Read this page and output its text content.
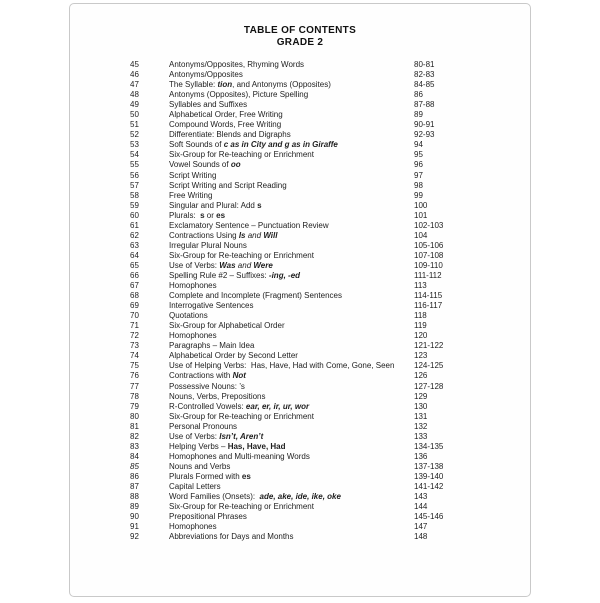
TABLE OF CONTENTS
GRADE 2
45	Antonyms/Opposites, Rhyming Words	80-81
46	Antonyms/Opposites	82-83
47	The Syllable: tion, and Antonyms (Opposites)	84-85
48	Antonyms (Opposites), Picture Spelling	86
49	Syllables and Suffixes	87-88
50	Alphabetical Order, Free Writing	89
51	Compound Words, Free Writing	90-91
52	Differentiate: Blends and Digraphs	92-93
53	Soft Sounds of c as in City and g as in Giraffe	94
54	Six-Group for Re-teaching or Enrichment	95
55	Vowel Sounds of oo	96
56	Script Writing	97
57	Script Writing and Script Reading	98
58	Free Writing	99
59	Singular and Plural: Add s	100
60	Plurals:  s or es	101
61	Exclamatory Sentence – Punctuation Review	102-103
62	Contractions Using Is and Will	104
63	Irregular Plural Nouns	105-106
64	Six-Group for Re-teaching or Enrichment	107-108
65	Use of Verbs: Was and Were	109-110
66	Spelling Rule #2 – Suffixes: -ing, -ed	111-112
67	Homophones	113
68	Complete and Incomplete (Fragment) Sentences	114-115
69	Interrogative Sentences	116-117
70	Quotations	118
71	Six-Group for Alphabetical Order	119
72	Homophones	120
73	Paragraphs – Main Idea	121-122
74	Alphabetical Order by Second Letter	123
75	Use of Helping Verbs:  Has, Have, Had with Come, Gone, Seen	124-125
76	Contractions with Not	126
77	Possessive Nouns: ’s	127-128
78	Nouns, Verbs, Prepositions	129
79	R-Controlled Vowels: ear, er, ir, ur, wor	130
80	Six-Group for Re-teaching or Enrichment	131
81	Personal Pronouns	132
82	Use of Verbs: Isn’t, Aren’t	133
83	Helping Verbs – Has, Have, Had	134-135
84	Homophones and Multi-meaning Words	136
85	Nouns and Verbs	137-138
86	Plurals Formed with es	139-140
87	Capital Letters	141-142
88	Word Families (Onsets):  ade, ake, ide, ike, oke	143
89	Six-Group for Re-teaching or Enrichment	144
90	Prepositional Phrases	145-146
91	Homophones	147
92	Abbreviations for Days and Months	148
